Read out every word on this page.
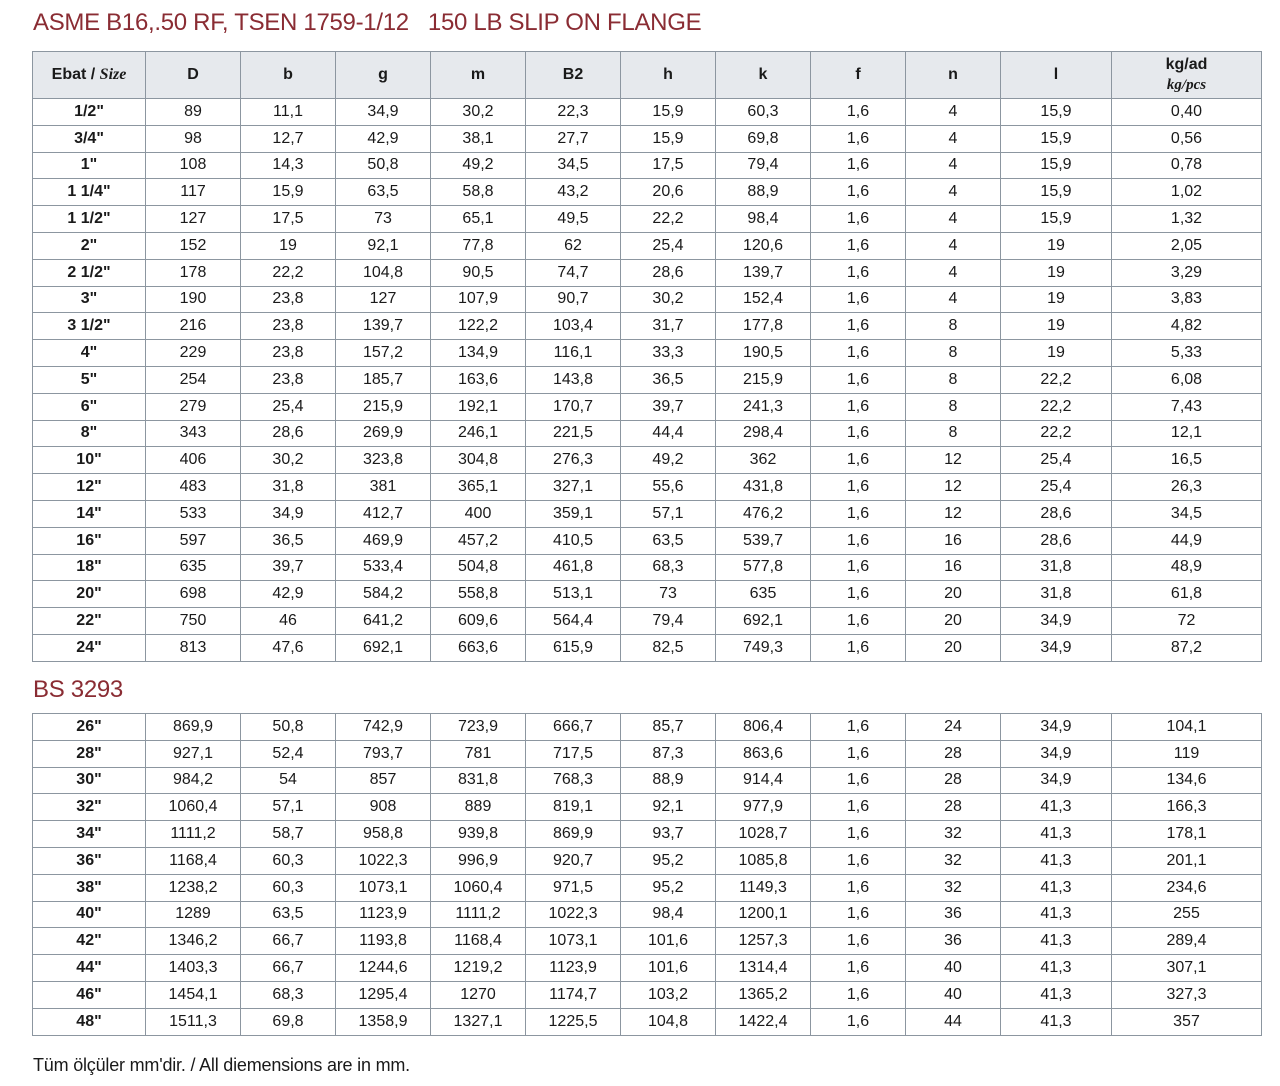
ASME B16,.50 RF, TSEN 1759-1/12   150 LB SLIP ON FLANGE
Ebat / Size	D	b	g	m	B2	h	k	f	n	l	kg/ad
kg/pcs

1/2"	89	11,1	34,9	30,2	22,3	15,9	60,3	1,6	4	15,9	0,40
3/4"	98	12,7	42,9	38,1	27,7	15,9	69,8	1,6	4	15,9	0,56
1"	108	14,3	50,8	49,2	34,5	17,5	79,4	1,6	4	15,9	0,78
1 1/4"	117	15,9	63,5	58,8	43,2	20,6	88,9	1,6	4	15,9	1,02
1 1/2"	127	17,5	73	65,1	49,5	22,2	98,4	1,6	4	15,9	1,32
2"	152	19	92,1	77,8	62	25,4	120,6	1,6	4	19	2,05
2 1/2"	178	22,2	104,8	90,5	74,7	28,6	139,7	1,6	4	19	3,29
3"	190	23,8	127	107,9	90,7	30,2	152,4	1,6	4	19	3,83
3 1/2"	216	23,8	139,7	122,2	103,4	31,7	177,8	1,6	8	19	4,82
4"	229	23,8	157,2	134,9	116,1	33,3	190,5	1,6	8	19	5,33
5"	254	23,8	185,7	163,6	143,8	36,5	215,9	1,6	8	22,2	6,08
6"	279	25,4	215,9	192,1	170,7	39,7	241,3	1,6	8	22,2	7,43
8"	343	28,6	269,9	246,1	221,5	44,4	298,4	1,6	8	22,2	12,1
10"	406	30,2	323,8	304,8	276,3	49,2	362	1,6	12	25,4	16,5
12"	483	31,8	381	365,1	327,1	55,6	431,8	1,6	12	25,4	26,3
14"	533	34,9	412,7	400	359,1	57,1	476,2	1,6	12	28,6	34,5
16"	597	36,5	469,9	457,2	410,5	63,5	539,7	1,6	16	28,6	44,9
18"	635	39,7	533,4	504,8	461,8	68,3	577,8	1,6	16	31,8	48,9
20"	698	42,9	584,2	558,8	513,1	73	635	1,6	20	31,8	61,8
22"	750	46	641,2	609,6	564,4	79,4	692,1	1,6	20	34,9	72
24"	813	47,6	692,1	663,6	615,9	82,5	749,3	1,6	20	34,9	87,2
BS 3293
26"	869,9	50,8	742,9	723,9	666,7	85,7	806,4	1,6	24	34,9	104,1
28"	927,1	52,4	793,7	781	717,5	87,3	863,6	1,6	28	34,9	119
30"	984,2	54	857	831,8	768,3	88,9	914,4	1,6	28	34,9	134,6
32"	1060,4	57,1	908	889	819,1	92,1	977,9	1,6	28	41,3	166,3
34"	1111,2	58,7	958,8	939,8	869,9	93,7	1028,7	1,6	32	41,3	178,1
36"	1168,4	60,3	1022,3	996,9	920,7	95,2	1085,8	1,6	32	41,3	201,1
38"	1238,2	60,3	1073,1	1060,4	971,5	95,2	1149,3	1,6	32	41,3	234,6
40"	1289	63,5	1123,9	1111,2	1022,3	98,4	1200,1	1,6	36	41,3	255
42"	1346,2	66,7	1193,8	1168,4	1073,1	101,6	1257,3	1,6	36	41,3	289,4
44"	1403,3	66,7	1244,6	1219,2	1123,9	101,6	1314,4	1,6	40	41,3	307,1
46"	1454,1	68,3	1295,4	1270	1174,7	103,2	1365,2	1,6	40	41,3	327,3
48"	1511,3	69,8	1358,9	1327,1	1225,5	104,8	1422,4	1,6	44	41,3	357
Tüm ölçüler mm'dir. / All diemensions are in mm.
